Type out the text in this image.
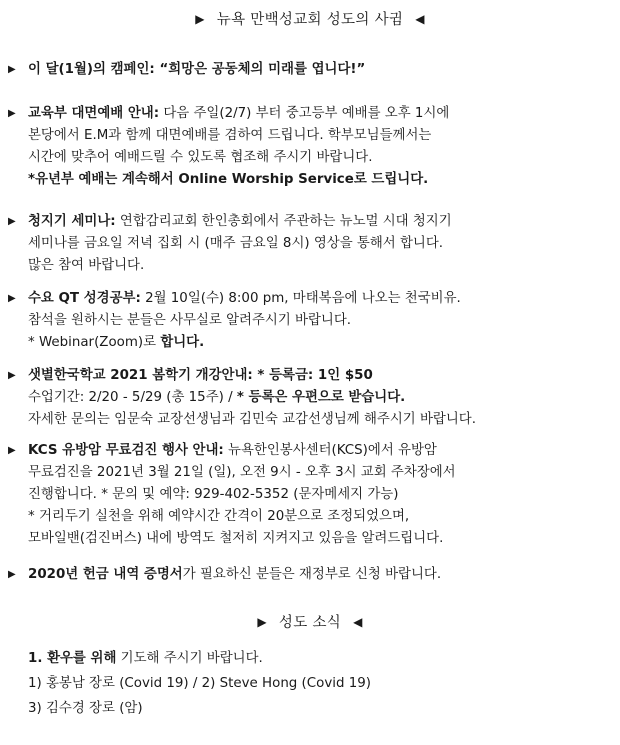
▶ 뉴욕 만백성교회 성도의 사귐 ◀
▶ 이 달(1월)의 캠페인: “희망은 공동체의 미래를 엽니다!”
▶ 교육부 대면예배 안내: 다음 주일(2/7) 부터 중고등부 예배를 오후 1시에
본당에서 E.M과 함께 대면예배를 겸하여 드립니다. 학부모님들께서는
시간에 맞추어 예배드릴 수 있도록 협조해 주시기 바랍니다.
*유년부 예배는 계속해서 Online Worship Service로 드립니다.
▶ 청지기 세미나: 연합감리교회 한인총회에서 주관하는 뉴노멀 시대 청지기
세미나를 금요일 저녁 집회 시 (매주 금요일 8시) 영상을 통해서 합니다.
많은 참여 바랍니다.
▶ 수요 QT 성경공부: 2월 10일(수) 8:00 pm, 마태복음에 나오는 천국비유.
참석을 원하시는 분들은 사무실로 알려주시기 바랍니다.
* Webinar(Zoom)로 합니다.
▶ 샛별한국학교 2021 봄학기 개강안내: * 등록금: 1인 $50
수업기간: 2/20 - 5/29 (총 15주) / * 등록은 우편으로 받습니다.
자세한 문의는 임문숙 교장선생님과 김민숙 교감선생님께 해주시기 바랍니다.
▶ KCS 유방암 무료검진 행사 안내: 뉴욕한인봉사센터(KCS)에서 유방암
무료검진을 2021년 3월 21일 (일), 오전 9시 - 오후 3시 교회 주차장에서
진행합니다. * 문의 및 예약: 929-402-5352 (문자메세지 가능)
* 거리두기 실천을 위해 예약시간 간격이 20분으로 조정되었으며,
모바일밴(검진버스) 내에 방역도 철저히 지켜지고 있음을 알려드립니다.
▶ 2020년 헌금 내역 증명서가 필요하신 분들은 재정부로 신청 바랍니다.
▶ 성도 소식 ◀
1. 환우를 위해 기도해 주시기 바랍니다.
1) 홍봉남 장로 (Covid 19) / 2) Steve Hong (Covid 19)
3) 김수경 장로 (암)
